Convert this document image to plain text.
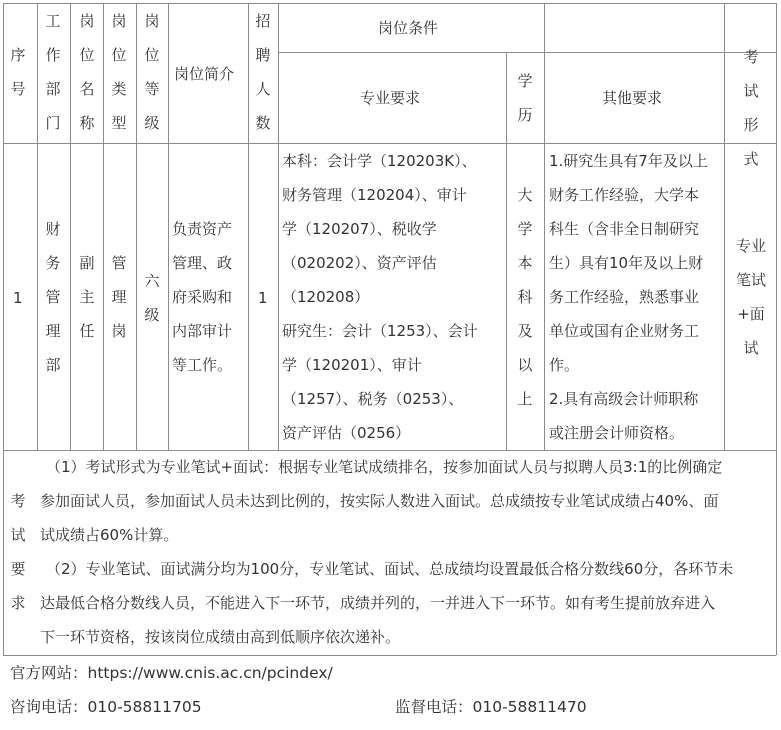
序
号
工
作
部
门
岗
位
名
称
岗
位
类
型
岗
位
等
级
岗位简介
招
聘
人
数
岗位条件
专业要求
学
历
其他要求
考
试
形
式
1
财
务
管
理
部
副
主
任
管
理
岗
六
级
负责资产
管理、政
府采购和
内部审计
等工作。
1
本科：会计学（120203K）、
财务管理（120204）、审计
学（120207）、税收学
（020202）、资产评估
（120208）
研究生：会计（1253）、会计
学（120201）、审计
（1257）、税务（0253）、
资产评估（0256）
大
学
本
科
及
以
上
1.研究生具有7年及以上
财务工作经验，大学本
科生（含非全日制研究
生）具有10年及以上财
务工作经验，熟悉事业
单位或国有企业财务工
作。
2.具有高级会计师职称
或注册会计师资格。
专业
笔试
+面
试
考
试
要
求

（1）考试形式为专业笔试+面试：根据专业笔试成绩排名，按参加面试人员与拟聘人员3:1的比例确定

参加面试人员，参加面试人员未达到比例的，按实际人数进入面试。总成绩按专业笔试成绩占40%、面

试成绩占60%计算。

（2）专业笔试、面试满分均为100分，专业笔试、面试、总成绩均设置最低合格分数线60分，各环节未

达最低合格分数线人员，不能进入下一环节，成绩并列的，一并进入下一环节。如有考生提前放弃进入

下一环节资格，按该岗位成绩由高到低顺序依次递补。

官方网站：https://www.cnis.ac.cn/pcindex/
咨询电话：010-58811705	监督电话：010-58811470
